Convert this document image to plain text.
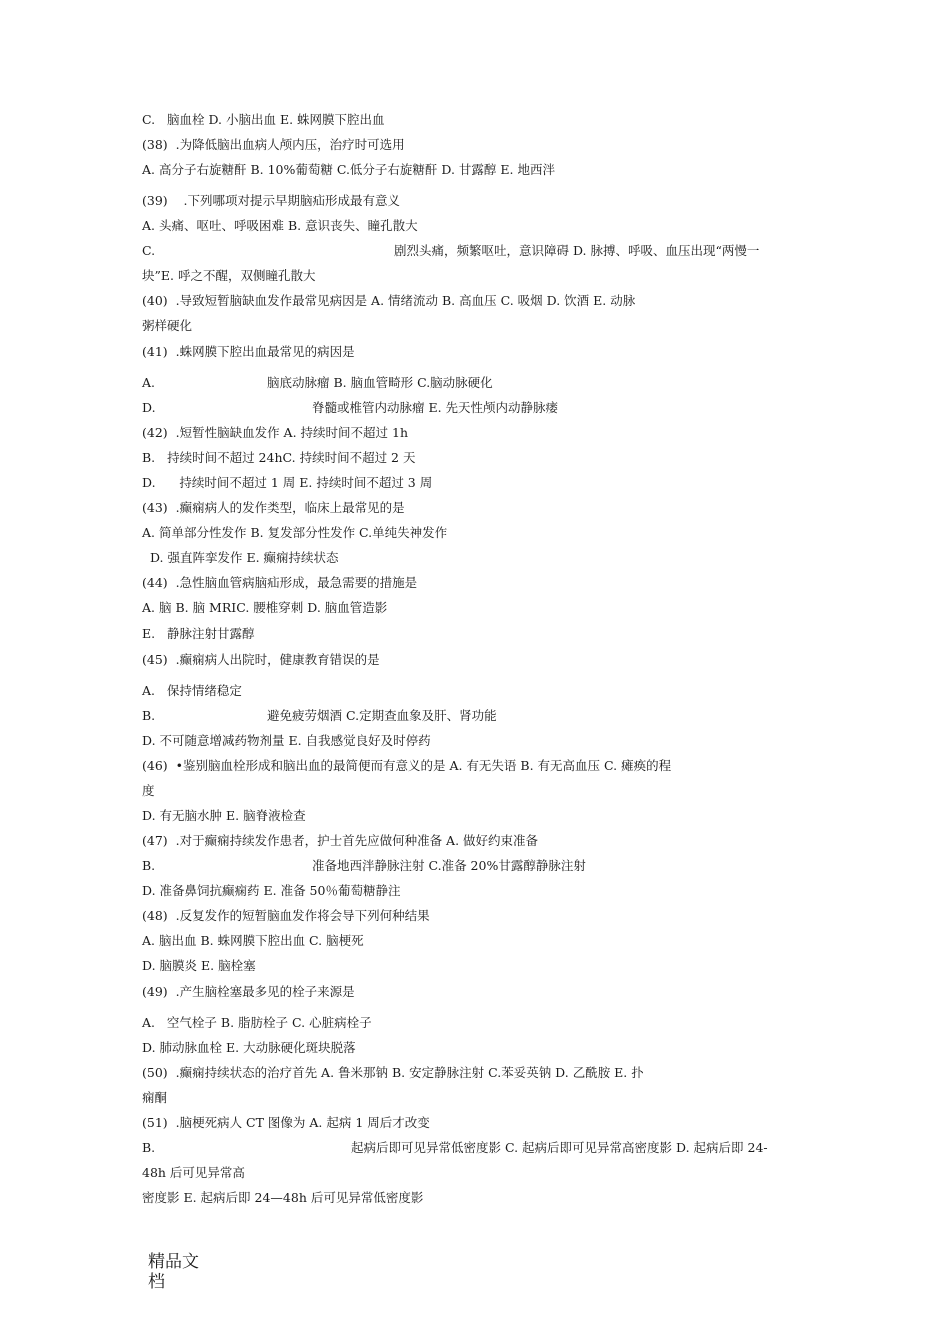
C.   脑血栓 D. 小脑出血 E. 蛛网膜下腔出血
(38)  .为降低脑出血病人颅内压，治疗时可选用
A. 高分子右旋糖酐 B. 10%葡萄糖 C.低分子右旋糖酐 D. 甘露醇 E. 地西泮
(39)    .下列哪项对提示早期脑疝形成最有意义
A. 头痛、呕吐、呼吸困难 B. 意识丧失、瞳孔散大
C.	剧烈头痛，频繁呕吐，意识障碍 D. 脉搏、呼吸、血压出现“两慢一
块”E. 呼之不醒，双侧瞳孔散大
(40)  .导致短暂脑缺血发作最常见病因是 A. 情绪流动 B. 高血压 C. 吸烟 D. 饮酒 E. 动脉
粥样硬化
(41)  .蛛网膜下腔出血最常见的病因是
A.	脑底动脉瘤 B. 脑血管畸形 C.脑动脉硬化
D.	脊髓或椎管内动脉瘤 E. 先天性颅内动静脉瘘
(42)  .短暂性脑缺血发作 A. 持续时间不超过 1h
B.   持续时间不超过 24hC. 持续时间不超过 2 天
D.      持续时间不超过 1 周 E. 持续时间不超过 3 周
(43)  .癫痫病人的发作类型，临床上最常见的是
A. 简单部分性发作 B. 复发部分性发作 C.单纯失神发作
D. 强直阵挛发作 E. 癫痫持续状态
(44)  .急性脑血管病脑疝形成，最急需要的措施是
A. 脑 B. 脑 MRIC. 腰椎穿刺 D. 脑血管造影
E.   静脉注射甘露醇
(45)  .癫痫病人出院时，健康教育错误的是
A.   保持情绪稳定
B.	避免疲劳烟酒 C.定期查血象及肝、肾功能
D. 不可随意增减药物剂量 E. 自我感觉良好及时停药
(46)  •鉴别脑血栓形成和脑出血的最简便而有意义的是 A. 有无失语 B. 有无高血压 C. 瘫痪的程
度
D. 有无脑水肿 E. 脑脊液检查
(47)  .对于癫痫持续发作患者，护士首先应做何种准备 A. 做好约束准备
B.	准备地西泮静脉注射 C.准备 20%甘露醇静脉注射
D. 准备鼻饲抗癫痫药 E. 准备 50％葡萄糖静注
(48)  .反复发作的短暂脑血发作将会导下列何种结果
A. 脑出血 B. 蛛网膜下腔出血 C. 脑梗死
D. 脑膜炎 E. 脑栓塞
(49)  .产生脑栓塞最多见的栓子来源是
A.   空气栓子 B. 脂肪栓子 C. 心脏病栓子
D. 肺动脉血栓 E. 大动脉硬化斑块脱落
(50)  .癫痫持续状态的治疗首先 A. 鲁米那钠 B. 安定静脉注射 C.苯妥英钠 D. 乙酰胺 E. 扑
痫酮
(51)  .脑梗死病人 CT 图像为 A. 起病 1 周后才改变
B.	起病后即可见异常低密度影 C. 起病后即可见异常高密度影 D. 起病后即 24-
48h 后可见异常高
密度影 E. 起病后即 24—48h 后可见异常低密度影
精品文
档
